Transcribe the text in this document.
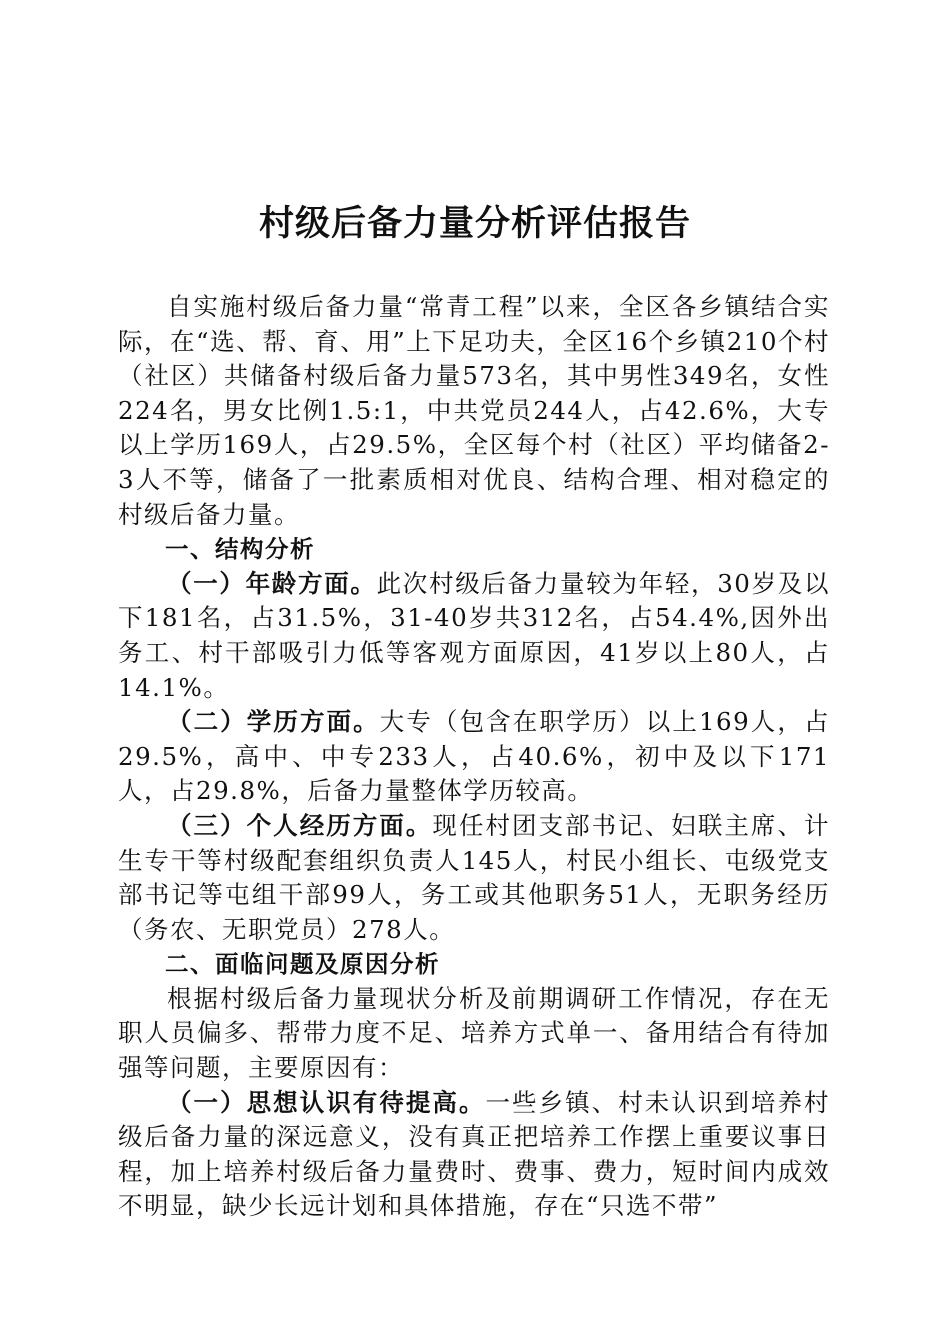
村级后备力量分析评估报告

自实施村级后备力量“常青工程”以来，全区各乡镇结合实际，在“选、帮、育、用”上下足功夫，全区16个乡镇210个村（社区）共储备村级后备力量573名，其中男性349名，女性224名，男女比例1.5:1，中共党员244人，占42.6%，大专以上学历169人，占29.5%，全区每个村（社区）平均储备2-3人不等，储备了一批素质相对优良、结构合理、相对稳定的村级后备力量。

一、结构分析

（一）年龄方面。此次村级后备力量较为年轻，30岁及以下181名，占31.5%，31-40岁共312名，占54.4%,因外出务工、村干部吸引力低等客观方面原因，41岁以上80人，占14.1%。

（二）学历方面。大专（包含在职学历）以上169人，占29.5%，高中、中专233人，占40.6%，初中及以下171人，占29.8%，后备力量整体学历较高。

（三）个人经历方面。现任村团支部书记、妇联主席、计生专干等村级配套组织负责人145人，村民小组长、屯级党支部书记等屯组干部99人，务工或其他职务51人，无职务经历（务农、无职党员）278人。

二、面临问题及原因分析

根据村级后备力量现状分析及前期调研工作情况，存在无职人员偏多、帮带力度不足、培养方式单一、备用结合有待加强等问题，主要原因有：

（一）思想认识有待提高。一些乡镇、村未认识到培养村级后备力量的深远意义，没有真正把培养工作摆上重要议事日程，加上培养村级后备力量费时、费事、费力，短时间内成效不明显，缺少长远计划和具体措施，存在“只选不带”
